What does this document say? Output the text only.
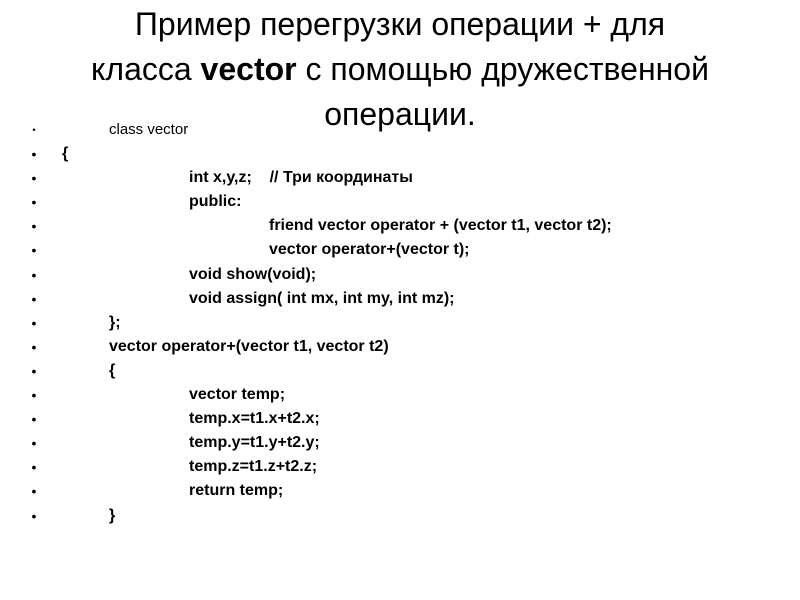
Пример перегрузки операции + для
класса vector с помощью дружественной
операции.

•

	class vector

•

{

•

	int x,y,z;    // Три координаты

•

	public:

•

	friend vector operator + (vector t1, vector t2);

•

	vector operator+(vector t);

•

	void show(void);

•

	void assign( int mx, int my, int mz);

•

	};

•

	vector operator+(vector t1, vector t2)

•

	{

•

	vector temp;

•

	temp.x=t1.x+t2.x;

•

	temp.y=t1.y+t2.y;

•

	temp.z=t1.z+t2.z;

•

	return temp;

•

	}
